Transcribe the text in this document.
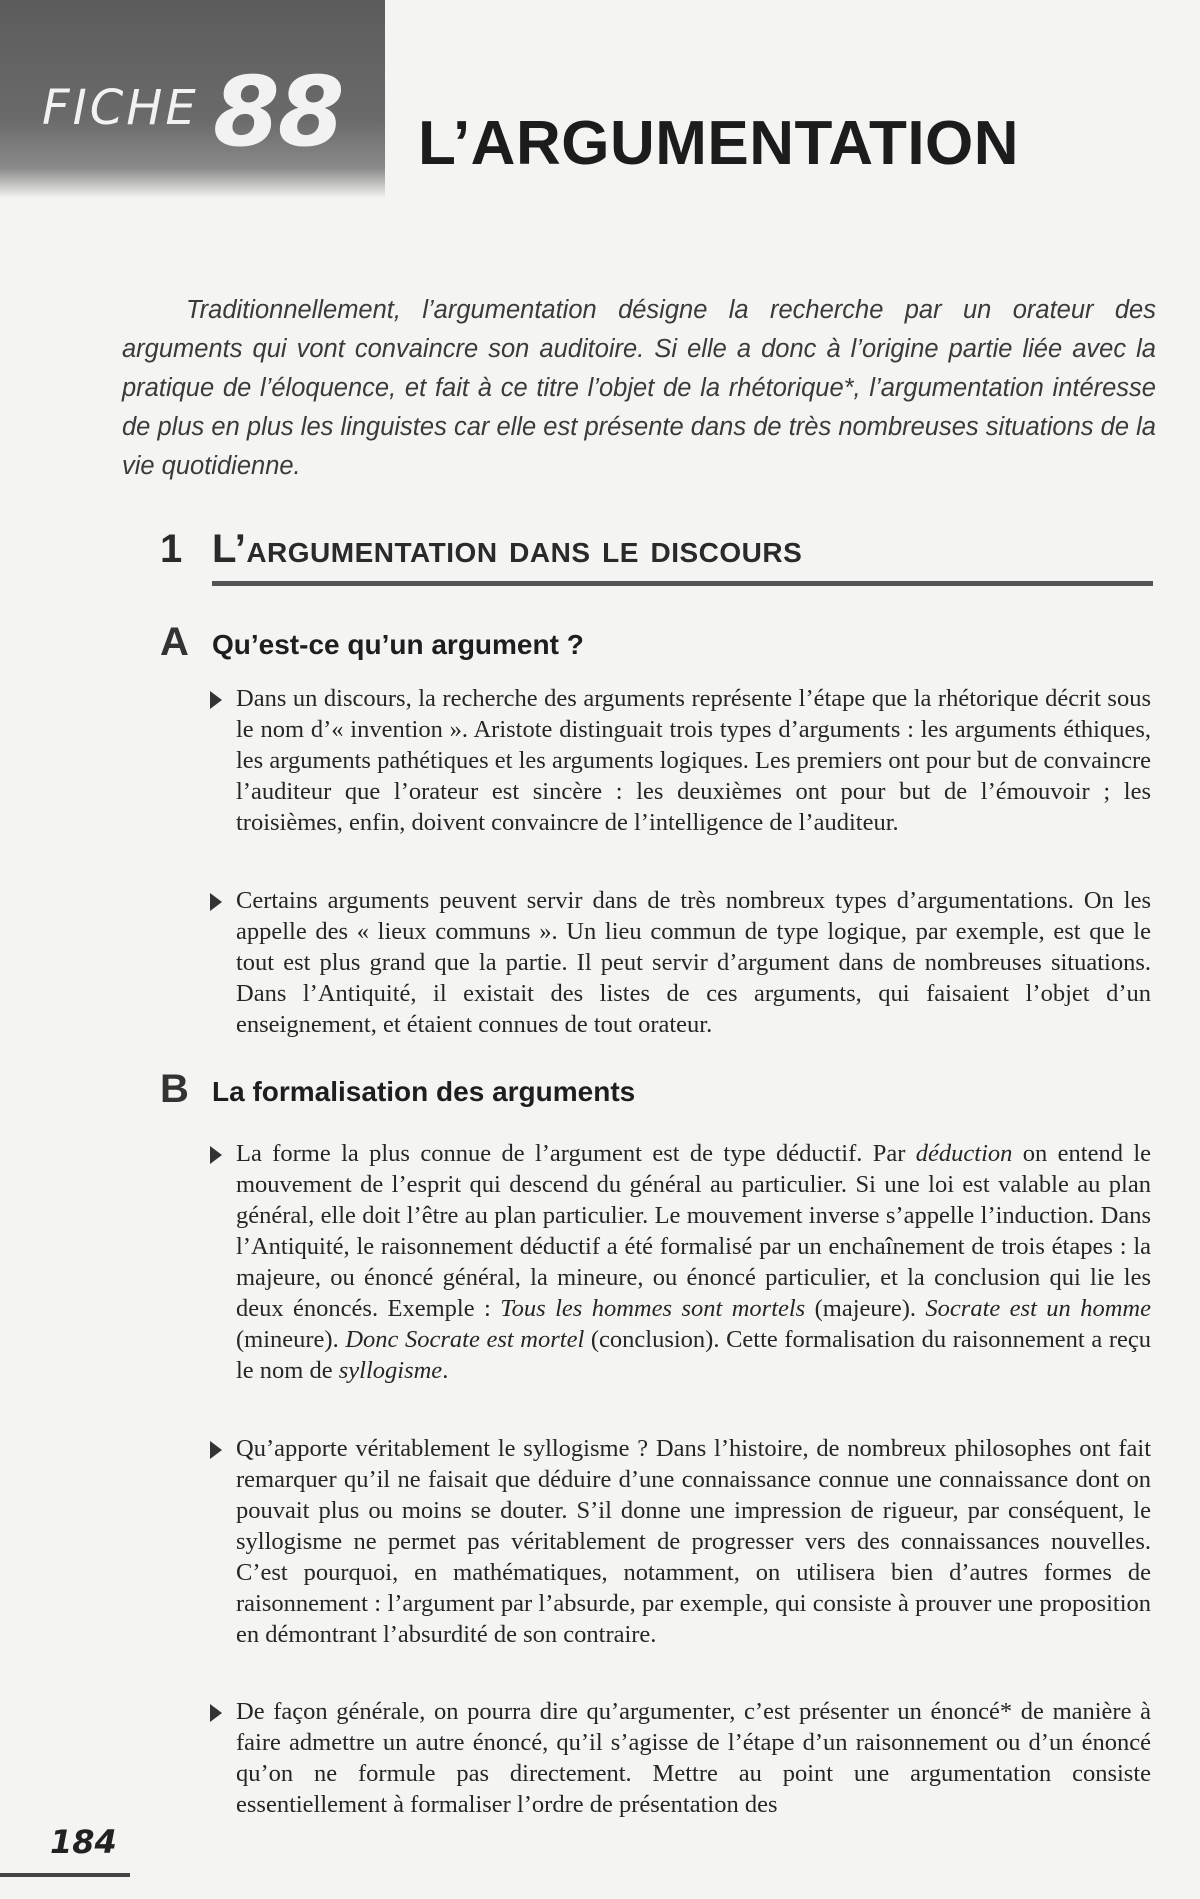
FICHE 88 L’ARGUMENTATION

Traditionnellement, l’argumentation désigne la recherche par un orateur des arguments qui vont convaincre son auditoire. Si elle a donc à l’origine partie liée avec la pratique de l’éloquence, et fait à ce titre l’objet de la rhétorique*, l’argumentation intéresse de plus en plus les linguistes car elle est présente dans de très nombreuses situations de la vie quotidienne.

1 L’argumentation dans le discours
A Qu’est-ce qu’un argument ?

Dans un discours, la recherche des arguments représente l’étape que la rhétorique décrit sous le nom d’« invention ». Aristote distinguait trois types d’arguments : les arguments éthiques, les arguments pathétiques et les arguments logiques. Les premiers ont pour but de convaincre l’auditeur que l’orateur est sincère : les deuxièmes ont pour but de l’émouvoir ; les troisièmes, enfin, doivent convaincre de l’intelligence de l’auditeur.

Certains arguments peuvent servir dans de très nombreux types d’argumentations. On les appelle des « lieux communs ». Un lieu commun de type logique, par exemple, est que le tout est plus grand que la partie. Il peut servir d’argument dans de nombreuses situations. Dans l’Antiquité, il existait des listes de ces arguments, qui faisaient l’objet d’un enseignement, et étaient connues de tout orateur.

B La formalisation des arguments

La forme la plus connue de l’argument est de type déductif. Par déduction on entend le mouvement de l’esprit qui descend du général au particulier. Si une loi est valable au plan général, elle doit l’être au plan particulier. Le mouvement inverse s’appelle l’induction. Dans l’Antiquité, le raisonnement déductif a été formalisé par un enchaînement de trois étapes : la majeure, ou énoncé général, la mineure, ou énoncé particulier, et la conclusion qui lie les deux énoncés. Exemple : Tous les hommes sont mortels (majeure). Socrate est un homme (mineure). Donc Socrate est mortel (conclusion). Cette formalisation du raisonnement a reçu le nom de syllogisme.

Qu’apporte véritablement le syllogisme ? Dans l’histoire, de nombreux philosophes ont fait remarquer qu’il ne faisait que déduire d’une connaissance connue une connaissance dont on pouvait plus ou moins se douter. S’il donne une impression de rigueur, par conséquent, le syllogisme ne permet pas véritablement de progresser vers des connaissances nouvelles. C’est pourquoi, en mathématiques, notamment, on utilisera bien d’autres formes de raisonnement : l’argument par l’absurde, par exemple, qui consiste à prouver une proposition en démontrant l’absurdité de son contraire.

De façon générale, on pourra dire qu’argumenter, c’est présenter un énoncé* de manière à faire admettre un autre énoncé, qu’il s’agisse de l’étape d’un raisonnement ou d’un énoncé qu’on ne formule pas directement. Mettre au point une argumentation consiste essentiellement à formaliser l’ordre de présentation des

184
